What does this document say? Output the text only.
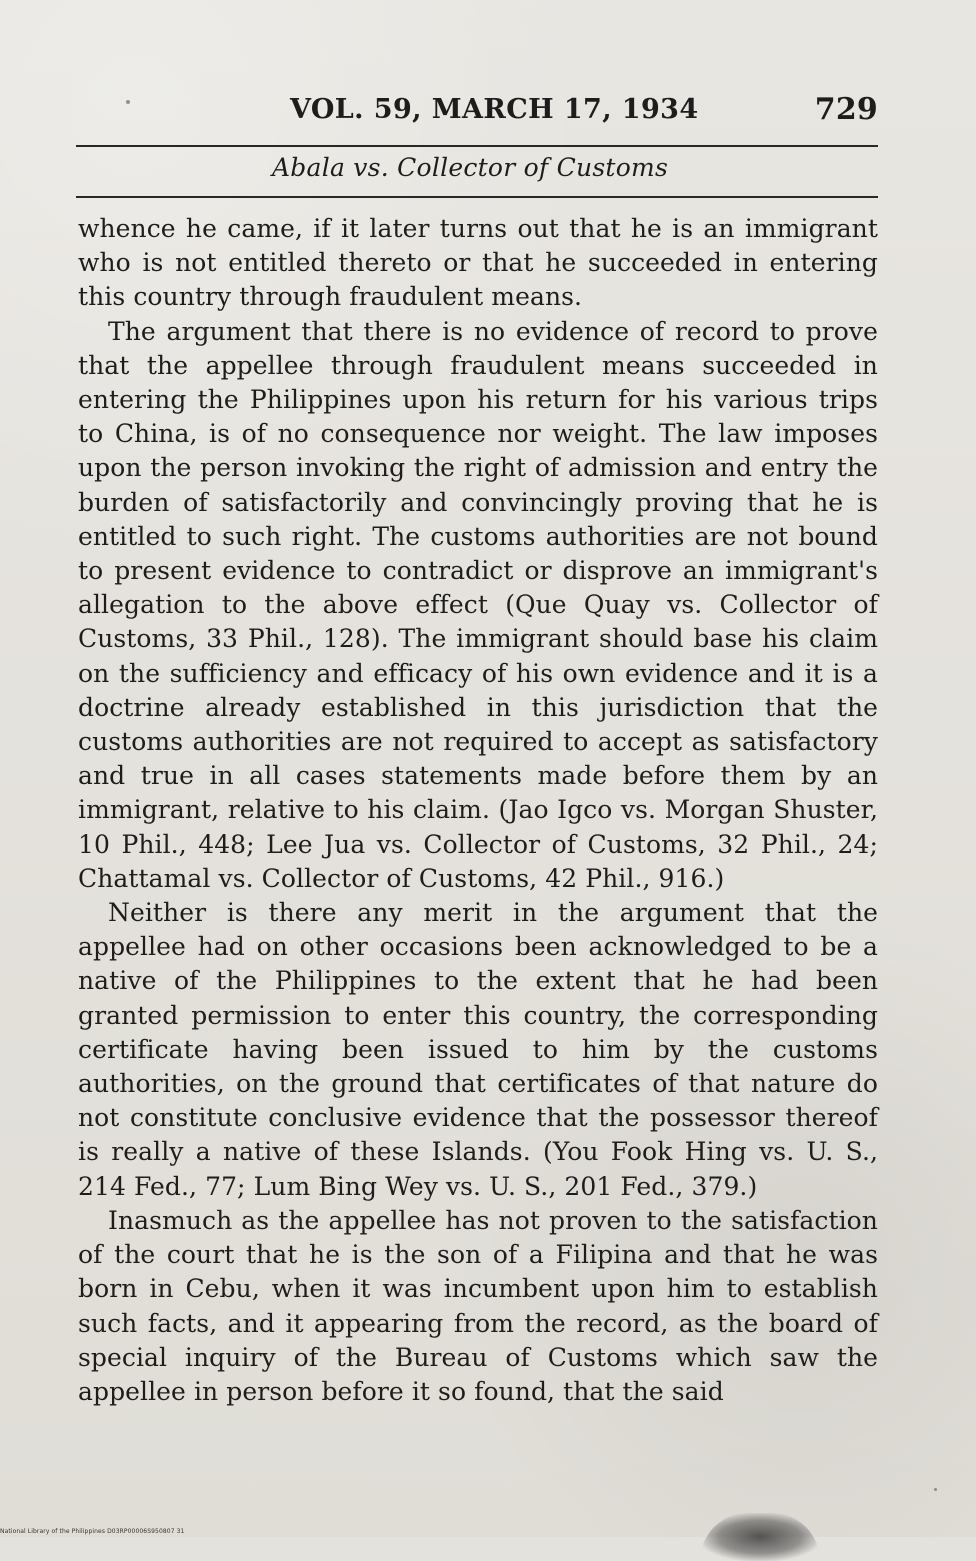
VOL. 59, MARCH 17, 1934	729
Abala vs. Collector of Customs

whence he came, if it later turns out that he is an immigrant who is not entitled thereto or that he succeeded in entering this country through fraudulent means.

The argument that there is no evidence of record to prove that the appellee through fraudulent means succeeded in entering the Philippines upon his return for his various trips to China, is of no consequence nor weight. The law imposes upon the person invoking the right of admission and entry the burden of satisfactorily and convincingly proving that he is entitled to such right. The customs authorities are not bound to present evidence to contradict or disprove an immigrant's allegation to the above effect (Que Quay vs. Collector of Customs, 33 Phil., 128). The immigrant should base his claim on the sufficiency and efficacy of his own evidence and it is a doctrine already established in this jurisdiction that the customs authorities are not required to accept as satisfactory and true in all cases statements made before them by an immigrant, relative to his claim. (Jao Igco vs. Morgan Shuster, 10 Phil., 448; Lee Jua vs. Collector of Customs, 32 Phil., 24; Chattamal vs. Collector of Customs, 42 Phil., 916.)

Neither is there any merit in the argument that the appellee had on other occasions been acknowledged to be a native of the Philippines to the extent that he had been granted permission to enter this country, the corresponding certificate having been issued to him by the customs authorities, on the ground that certificates of that nature do not constitute conclusive evidence that the possessor thereof is really a native of these Islands. (You Fook Hing vs. U. S., 214 Fed., 77; Lum Bing Wey vs. U. S., 201 Fed., 379.)

Inasmuch as the appellee has not proven to the satisfaction of the court that he is the son of a Filipina and that he was born in Cebu, when it was incumbent upon him to establish such facts, and it appearing from the record, as the board of special inquiry of the Bureau of Customs which saw the appellee in person before it so found, that the said

National Library of the Philippines D03RP00006S950807 31
